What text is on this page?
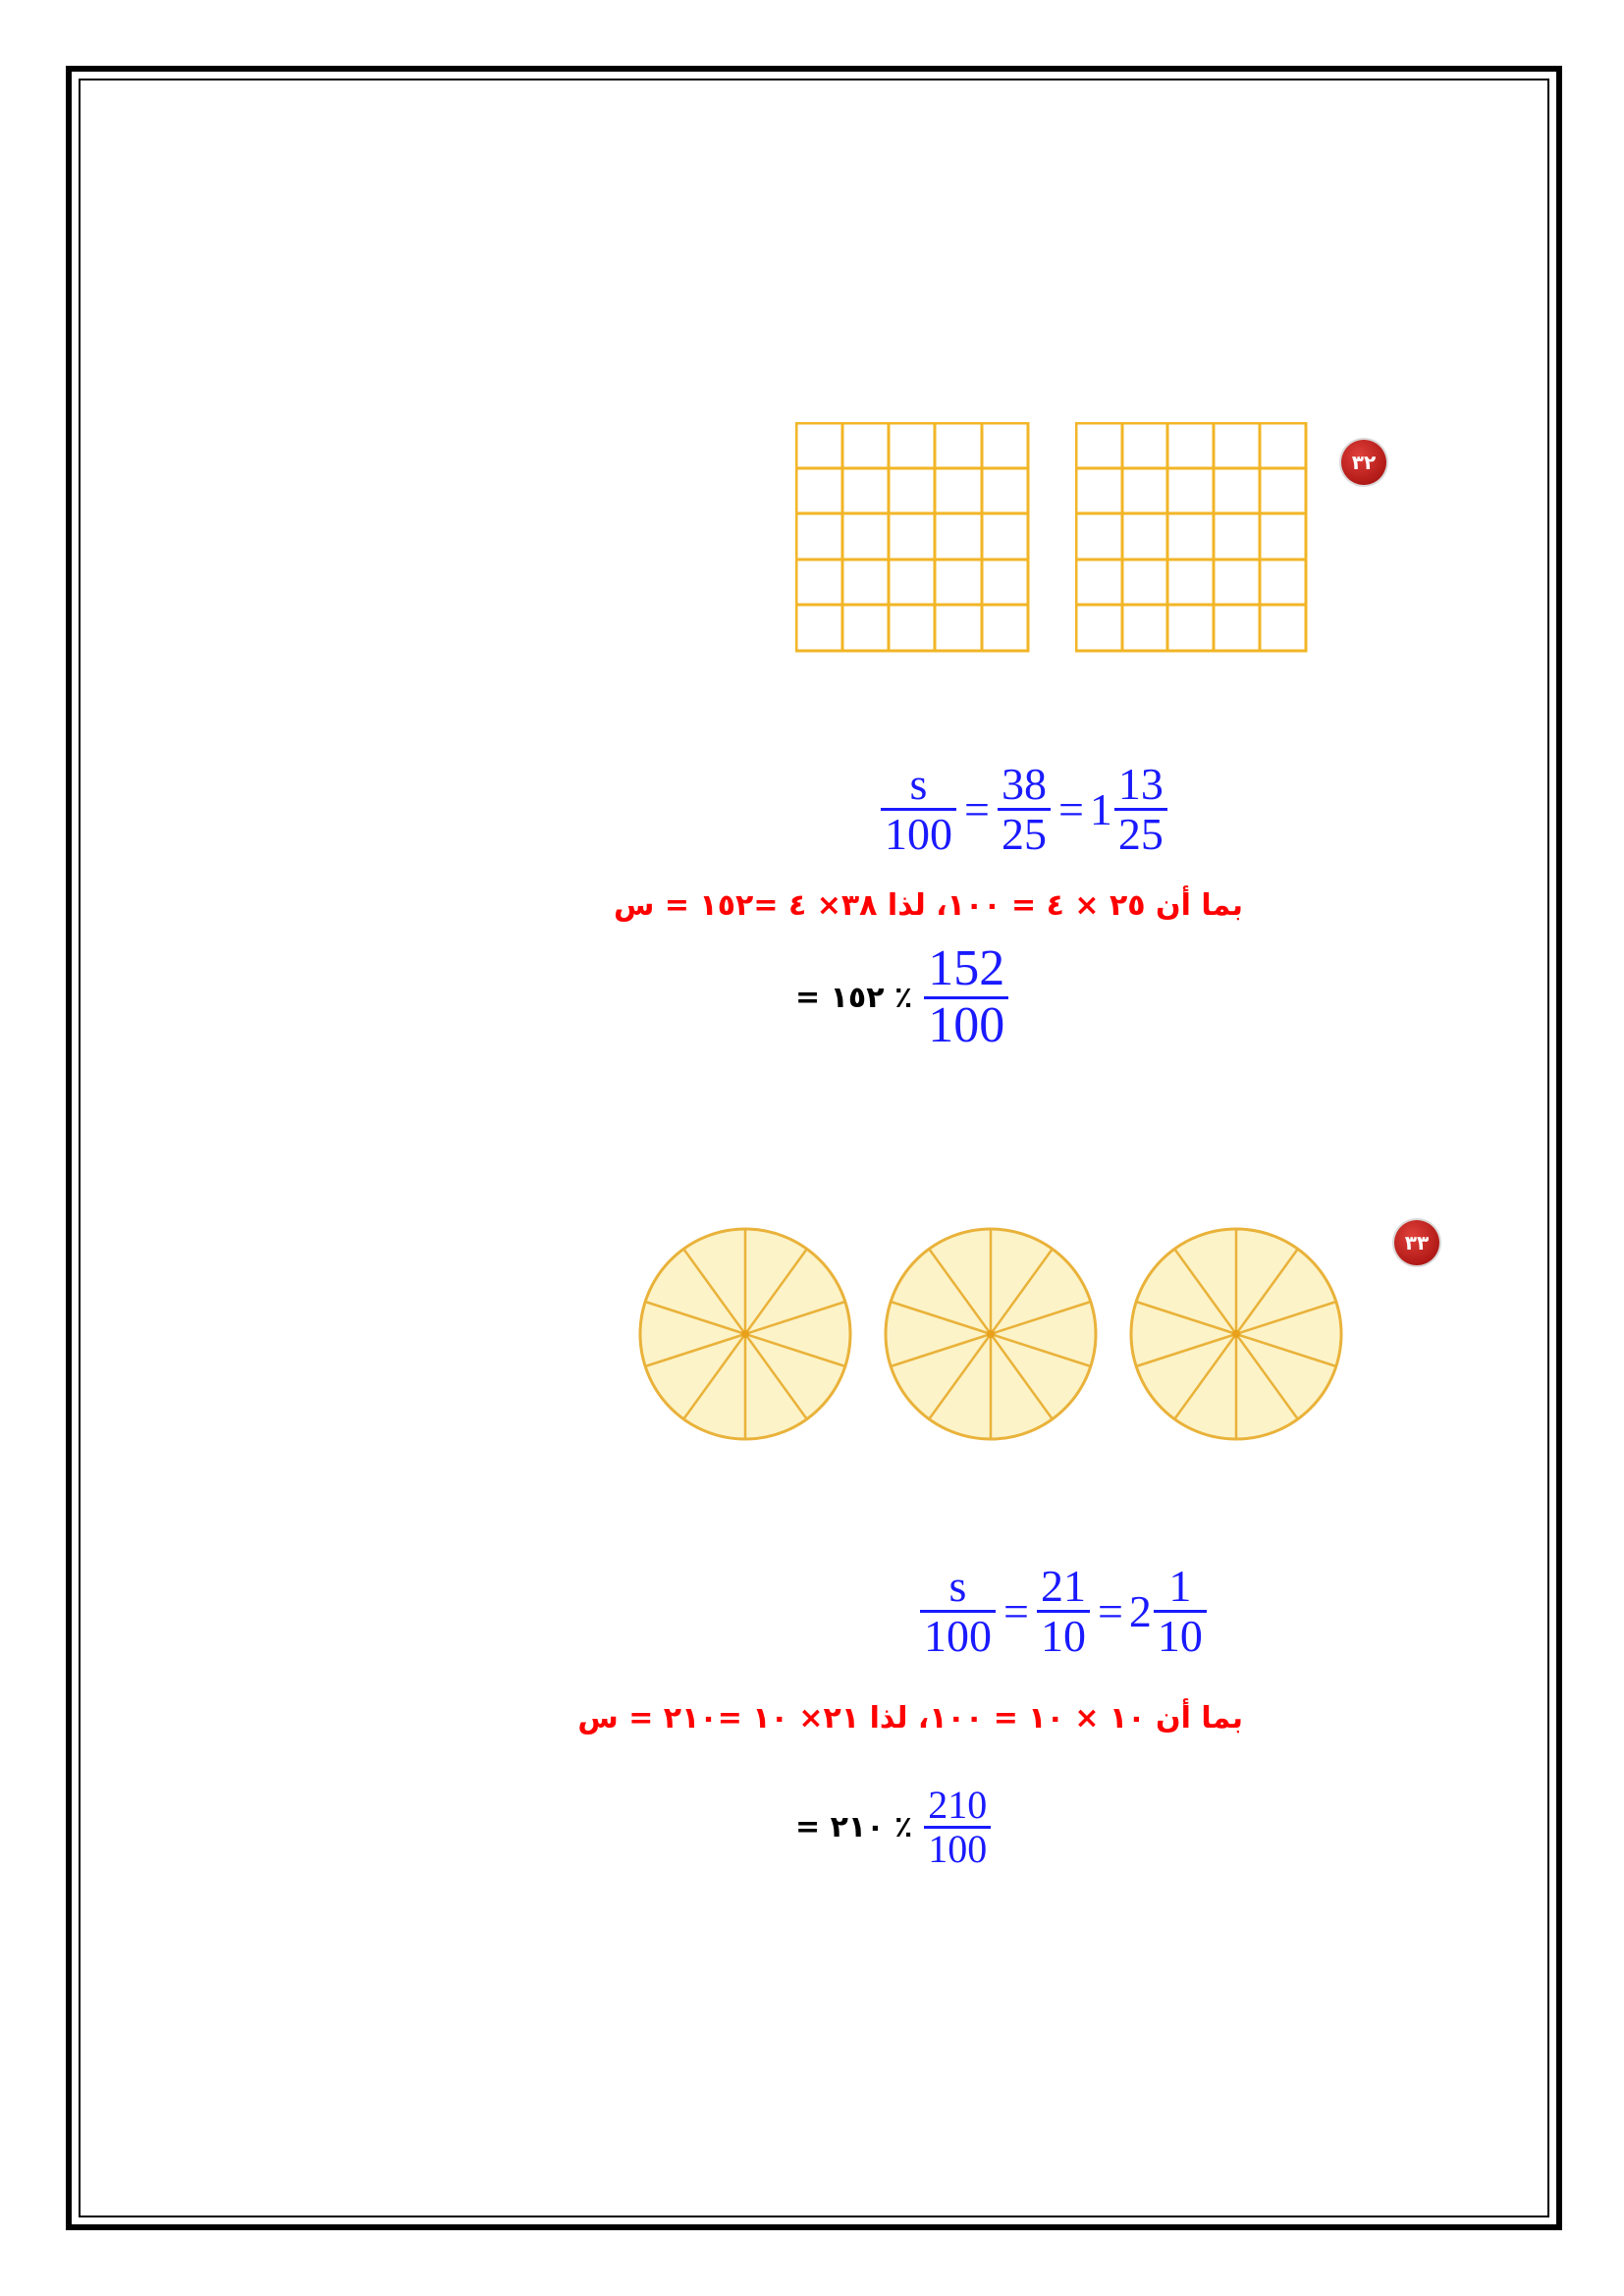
٣٢
$\frac{s}{100} = \frac{38}{25} = 1 \frac{13}{25}$
بما أن ٢٥ × ٤ = ١٠٠، لذا ٣٨× ٤ =١٥٢ = س
٪ ١٥٢ = $\frac{152}{100}$
٣٣
$\frac{s}{100} = \frac{21}{10} = 2 \frac{1}{10}$
بما أن ١٠ × ١٠ = ١٠٠، لذا ٢١× ١٠ =٢١٠ = س
٪ ٢١٠ = $\frac{210}{100}$
